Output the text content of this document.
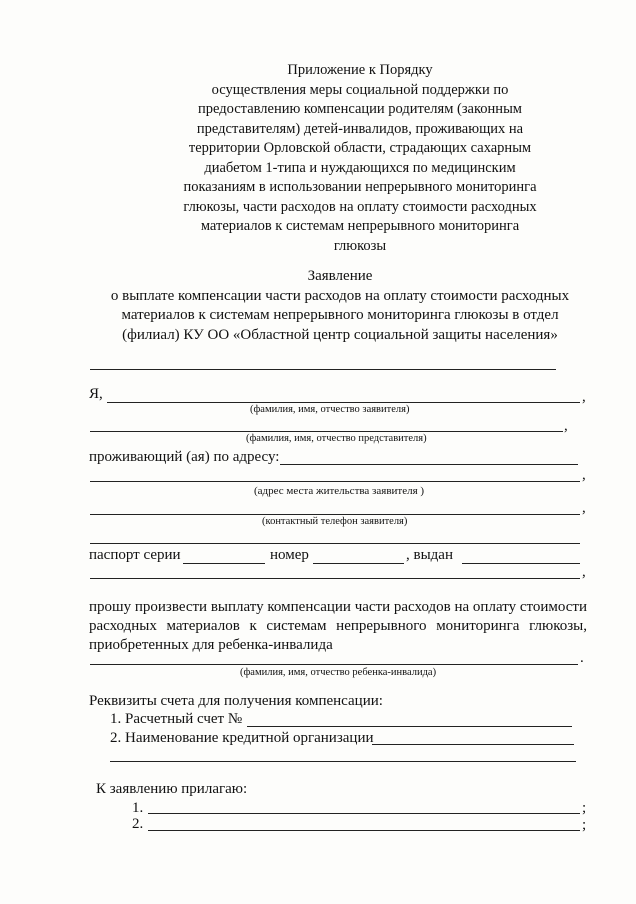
Приложение к Порядку
осуществления меры социальной поддержки по
предоставлению компенсации родителям (законным
представителям) детей-инвалидов, проживающих на
территории Орловской области, страдающих сахарным
диабетом 1-типа и нуждающихся по медицинским
показаниям в использовании непрерывного мониторинга
глюкозы, части расходов на оплату стоимости расходных
материалов к системам непрерывного мониторинга
глюкозы
Заявление
о выплате компенсации части расходов на оплату стоимости расходных
материалов к системам непрерывного мониторинга глюкозы в отдел
(филиал) КУ ОО «Областной центр социальной защиты населения»
Я,	,
(фамилия, имя, отчество заявителя)
,
(фамилия, имя, отчество представителя)
проживающий (ая) по адресу:
,
(адрес места жительства заявителя )
,
(контактный телефон заявителя)
паспорт серии	номер	, выдан
,
прошу произвести выплату компенсации части расходов на оплату стоимости
расходных материалов к системам непрерывного мониторинга глюкозы,
приобретенных для ребенка-инвалида
.
(фамилия, имя, отчество ребенка-инвалида)
Реквизиты счета для получения компенсации:
1. Расчетный счет №
2. Наименование кредитной организации
К заявлению прилагаю:
1.	;
2.	;
